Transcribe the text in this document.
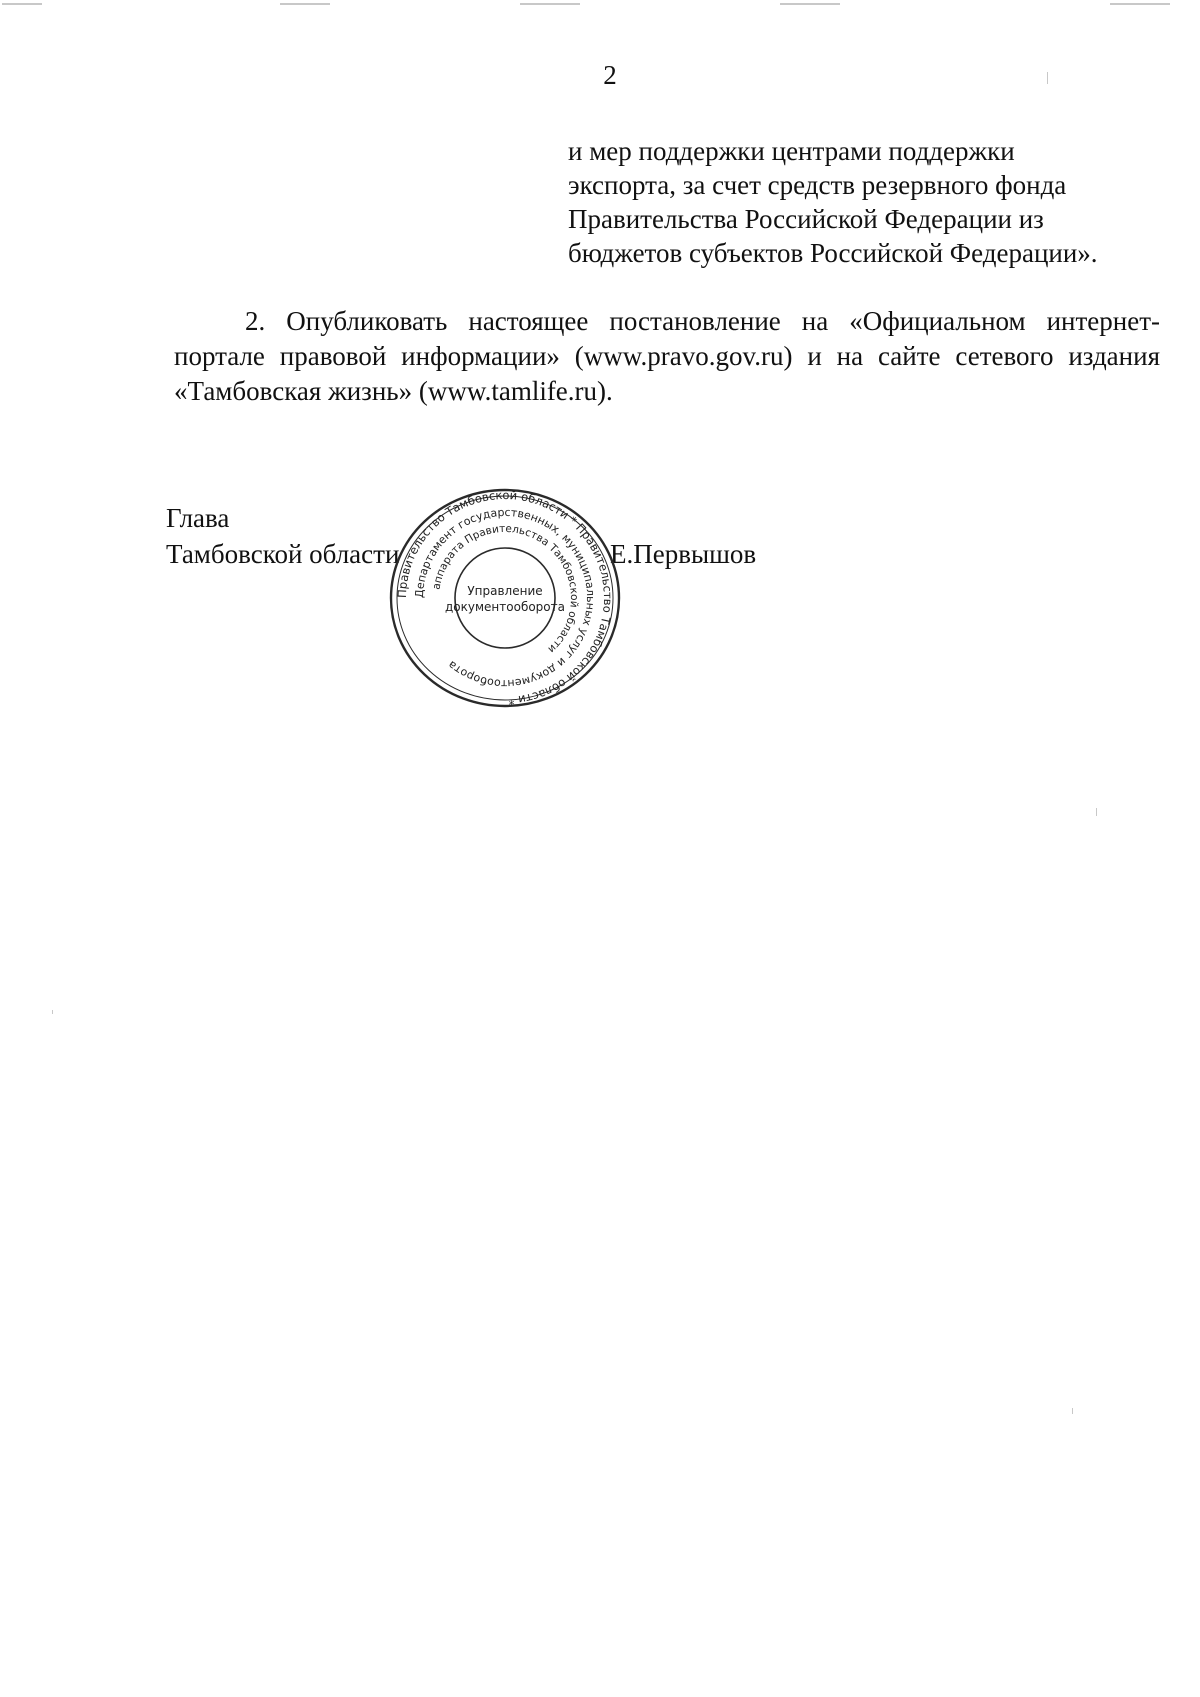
2
и мер поддержки центрами поддержки
экспорта, за счет средств резервного фонда
Правительства Российской Федерации из
бюджетов субъектов Российской Федерации».
2. Опубликовать настоящее постановление на «Официальном интернет-
портале правовой информации» (www.pravo.gov.ru) и на сайте сетевого издания
«Тамбовская жизнь» (www.tamlife.ru).
Глава
Тамбовской области	Е.Первышов
Правительство Тамбовской области * Правительство Тамбовской области *
Департамент государственных, муниципальных услуг и документооборота
аппарата Правительства Тамбовской области
Управление
документооборота
